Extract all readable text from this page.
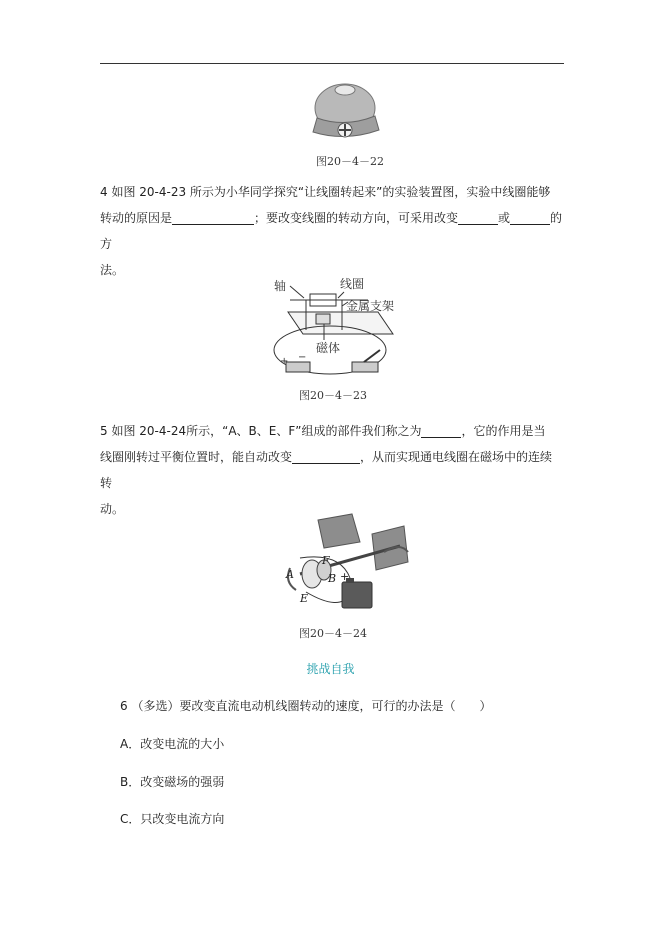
图20－4－22

4 如图 20-4-23 所示为小华同学探究“让线圈转起来”的实验装置图，实验中线圈能够
转动的原因是	；要改变线圈的转动方向，可采用改变	或	的方
法。

轴	线圈
金属支架
磁体
+ −
图20－4－23

5 如图 20-4-24所示，“A、B、E、F”组成的部件我们称之为	，它的作用是当
线圈刚转过平衡位置时，能自动改变	，从而实现通电线圈在磁场中的连续转
动。

A	B
E
F
+
图20－4－24
挑战自我
6 （多选）要改变直流电动机线圈转动的速度，可行的办法是（　　）
A．改变电流的大小
B．改变磁场的强弱
C．只改变电流方向
